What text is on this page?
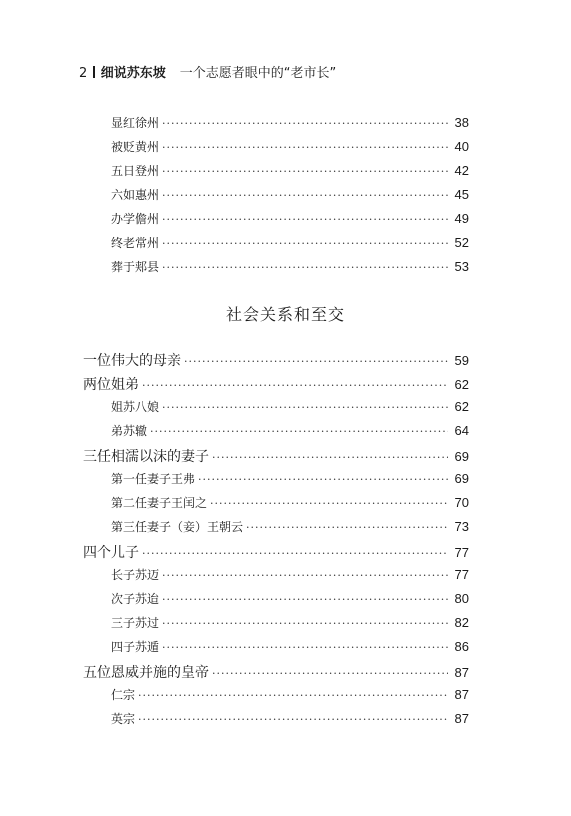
2 细说苏东坡 一个志愿者眼中的“老市长”
显红徐州 ·····	38
被贬黄州 ·····	40
五日登州 ·····	42
六如惠州 ·····	45
办学儋州 ·····	49
终老常州 ·····	52
葬于郏县 ·····	53
社会关系和至交
一位伟大的母亲 ·····	59
两位姐弟 ·····	62
姐苏八娘 ·····	62
弟苏辙 ·····	64
三任相濡以沫的妻子 ·····	69
第一任妻子王弗 ·····	69
第二任妻子王闰之 ·····	70
第三任妻子（妾）王朝云 ·····	73
四个儿子 ·····	77
长子苏迈 ·····	77
次子苏迨 ·····	80
三子苏过 ·····	82
四子苏遁 ·····	86
五位恩威并施的皇帝 ·····	87
仁宗 ·····	87
英宗 ·····	87
